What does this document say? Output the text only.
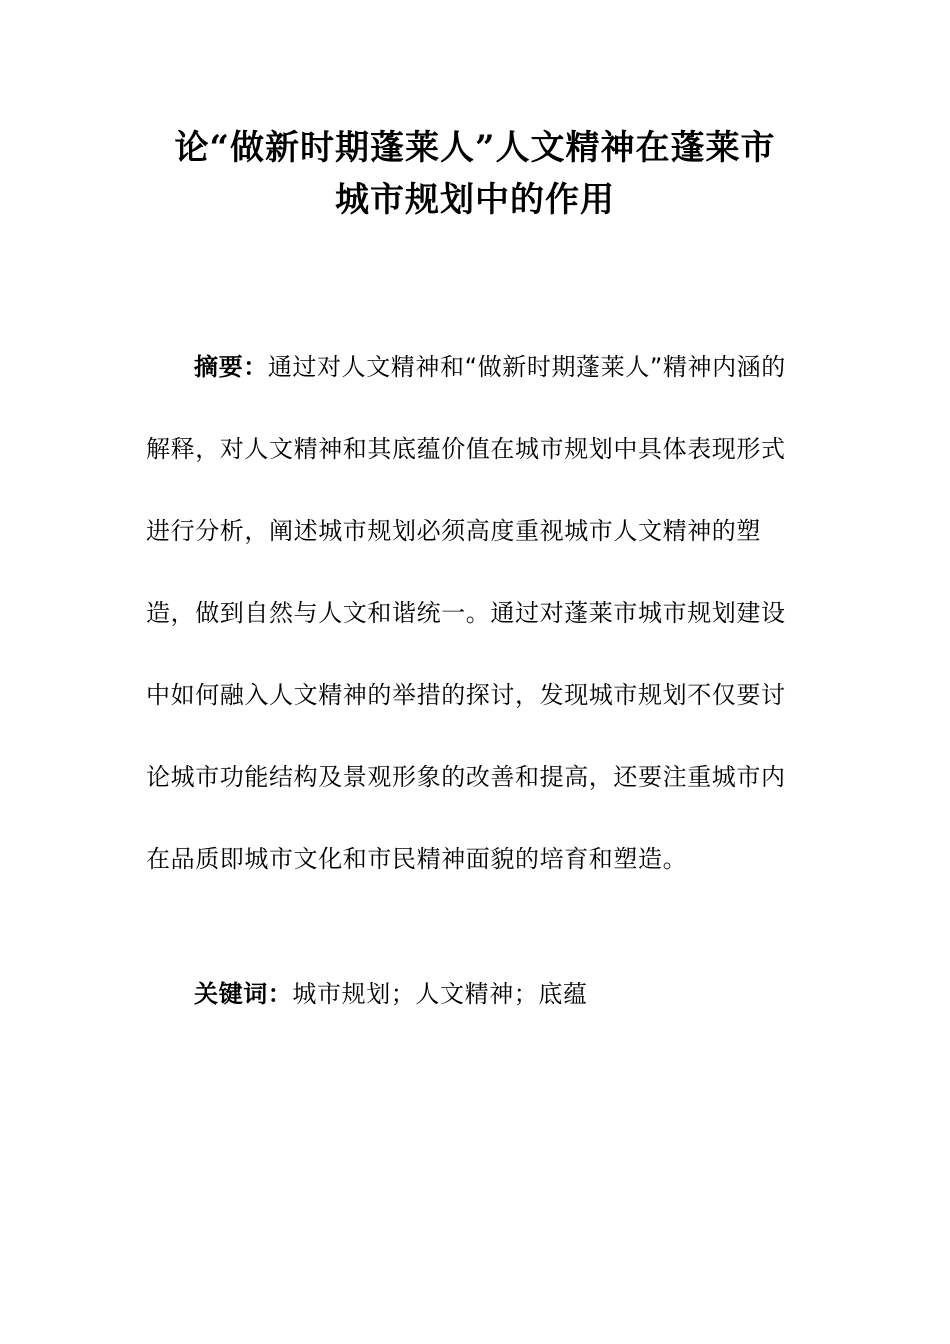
论“做新时期蓬莱人”人文精神在蓬莱市
城市规划中的作用

摘要：通过对人文精神和“做新时期蓬莱人”精神内涵的解释，对人文精神和其底蕴价值在城市规划中具体表现形式进行分析，阐述城市规划必须高度重视城市人文精神的塑造，做到自然与人文和谐统一。通过对蓬莱市城市规划建设中如何融入人文精神的举措的探讨，发现城市规划不仅要讨论城市功能结构及景观形象的改善和提高，还要注重城市内在品质即城市文化和市民精神面貌的培育和塑造。

关键词：城市规划；人文精神；底蕴
